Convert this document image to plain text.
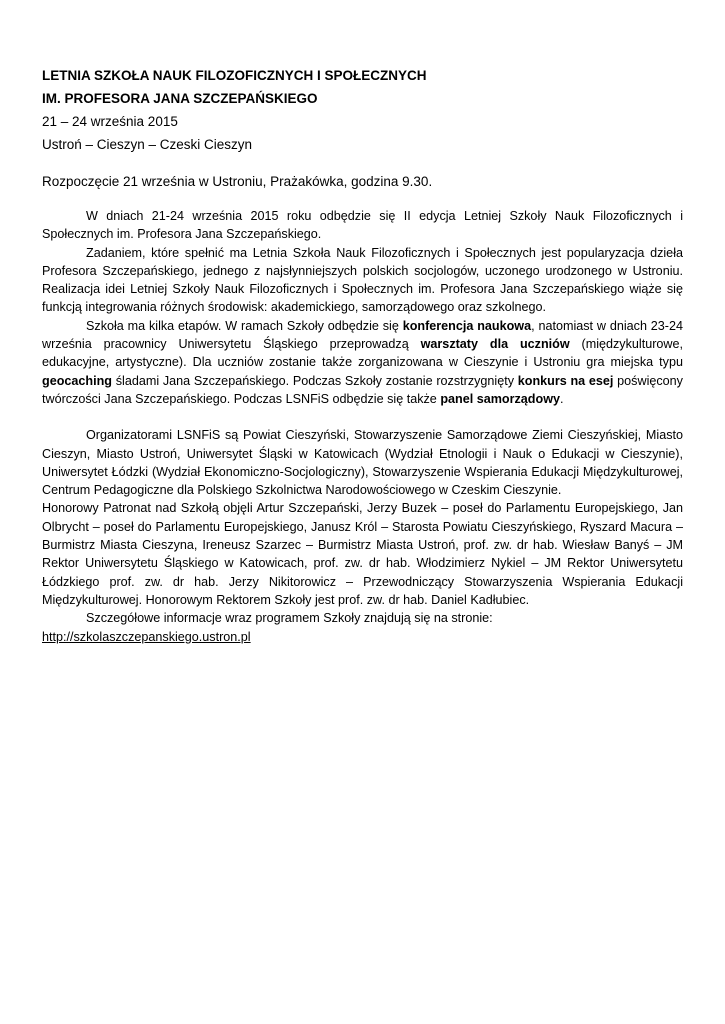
LETNIA SZKOŁA NAUK FILOZOFICZNYCH I SPOŁECZNYCH
IM. PROFESORA JANA SZCZEPAŃSKIEGO
21 – 24 września 2015
Ustroń – Cieszyn – Czeski Cieszyn
Rozpoczęcie 21 września w Ustroniu, Prażakówka, godzina 9.30.

W dniach 21-24 września 2015 roku odbędzie się II edycja Letniej Szkoły Nauk Filozoficznych i Społecznych im. Profesora Jana Szczepańskiego.

Zadaniem, które spełnić ma Letnia Szkoła Nauk Filozoficznych i Społecznych jest popularyzacja dzieła Profesora Szczepańskiego, jednego z najsłynniejszych polskich socjologów, uczonego urodzonego w Ustroniu. Realizacja idei Letniej Szkoły Nauk Filozoficznych i Społecznych im. Profesora Jana Szczepańskiego wiąże się funkcją integrowania różnych środowisk: akademickiego, samorządowego oraz szkolnego.

Szkoła ma kilka etapów. W ramach Szkoły odbędzie się konferencja naukowa, natomiast w dniach 23-24 września pracownicy Uniwersytetu Śląskiego przeprowadzą warsztaty dla uczniów (międzykulturowe, edukacyjne, artystyczne). Dla uczniów zostanie także zorganizowana w Cieszynie i Ustroniu gra miejska typu geocaching śladami Jana Szczepańskiego. Podczas Szkoły zostanie rozstrzygnięty konkurs na esej poświęcony twórczości Jana Szczepańskiego. Podczas LSNFiS odbędzie się także panel samorządowy.

Organizatorami LSNFiS są Powiat Cieszyński, Stowarzyszenie Samorządowe Ziemi Cieszyńskiej, Miasto Cieszyn, Miasto Ustroń, Uniwersytet Śląski w Katowicach (Wydział Etnologii i Nauk o Edukacji w Cieszynie), Uniwersytet Łódzki (Wydział Ekonomiczno-Socjologiczny), Stowarzyszenie Wspierania Edukacji Międzykulturowej, Centrum Pedagogiczne dla Polskiego Szkolnictwa Narodowościowego w Czeskim Cieszynie.

Honorowy Patronat nad Szkołą objęli Artur Szczepański, Jerzy Buzek – poseł do Parlamentu Europejskiego, Jan Olbrycht – poseł do Parlamentu Europejskiego, Janusz Król – Starosta Powiatu Cieszyńskiego, Ryszard Macura – Burmistrz Miasta Cieszyna, Ireneusz Szarzec – Burmistrz Miasta Ustroń, prof. zw. dr hab. Wiesław Banyś – JM Rektor Uniwersytetu Śląskiego w Katowicach, prof. zw. dr hab. Włodzimierz Nykiel – JM Rektor Uniwersytetu Łódzkiego prof. zw. dr hab. Jerzy Nikitorowicz – Przewodniczący Stowarzyszenia Wspierania Edukacji Międzykulturowej. Honorowym Rektorem Szkoły jest prof. zw. dr hab. Daniel Kadłubiec.

Szczegółowe informacje wraz programem Szkoły znajdują się na stronie:

http://szkolaszczepanskiego.ustron.pl
